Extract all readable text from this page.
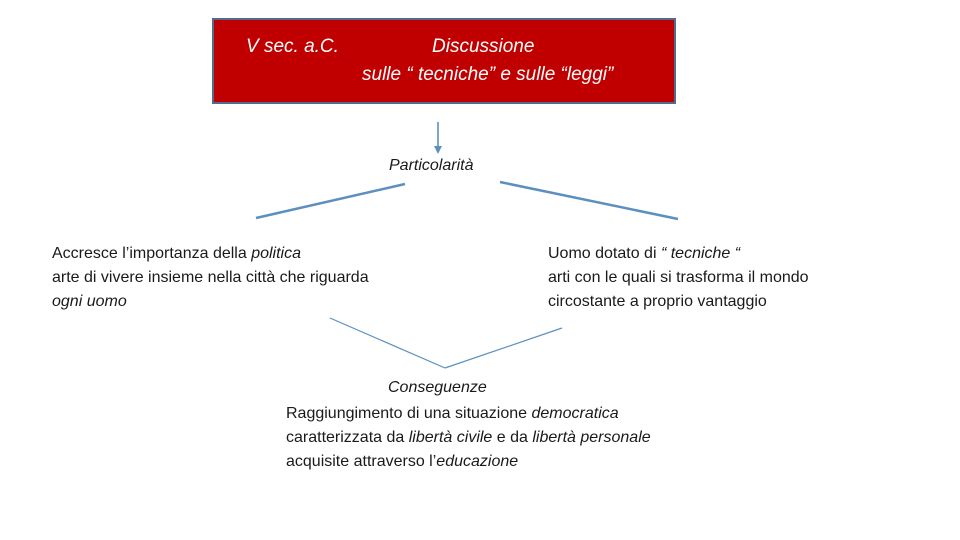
V sec. a.C.	Discussione
sulle “ tecniche” e sulle “leggi”
Particolarità
Accresce l’importanza della politica
arte di vivere insieme nella città che riguarda
ogni uomo
Uomo dotato di “ tecniche “
arti con le quali si trasforma il mondo
circostante a proprio vantaggio
Conseguenze
Raggiungimento di una situazione democratica
caratterizzata da libertà civile e da libertà personale
acquisite attraverso l’educazione
